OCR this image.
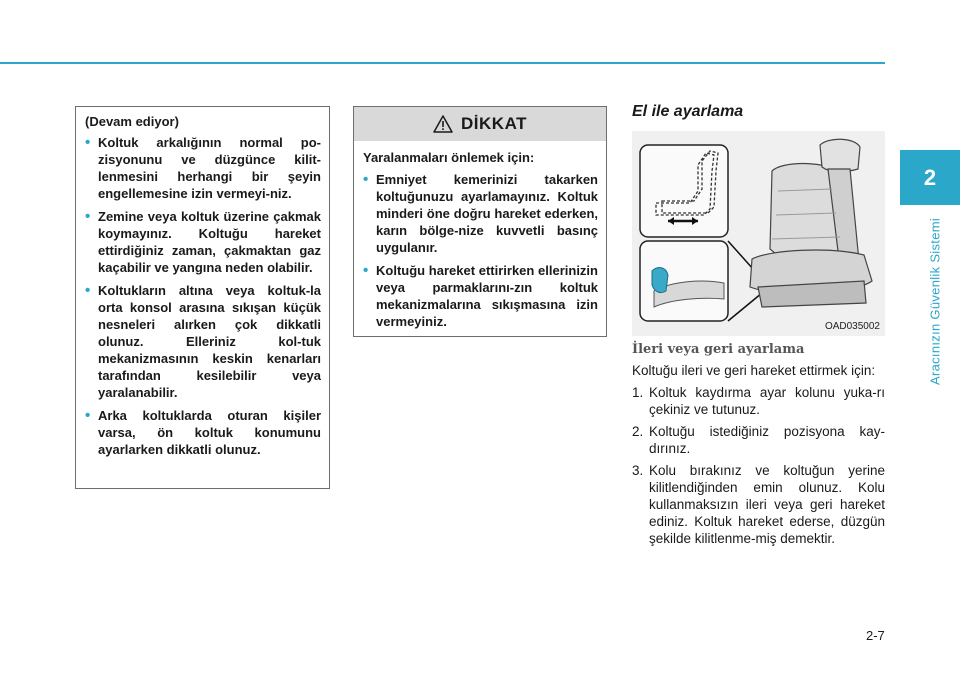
2
Aracınızın Güvenlik Sistemi
(Devam ediyor)
• Koltuk arkalığının normal po-zisyonunu ve düzgünce kilit-lenmesini herhangi bir şeyin engellemesine izin vermeyi-niz.
• Zemine veya koltuk üzerine çakmak koymayınız. Koltuğu hareket ettirdiğiniz zaman, çakmaktan gaz kaçabilir ve yangına neden olabilir.
• Koltukların altına veya koltuk-la orta konsol arasına sıkışan küçük nesneleri alırken çok dikkatli olunuz. Elleriniz kol-tuk mekanizmasının keskin kenarları tarafından kesilebilir veya yaralanabilir.
• Arka koltuklarda oturan kişiler varsa, ön koltuk konumunu ayarlarken dikkatli olunuz.
DİKKAT
Yaralanmaları önlemek için:
• Emniyet kemerinizi takarken koltuğunuzu ayarlamayınız. Koltuk minderi öne doğru hareket ederken, karın bölge-nize kuvvetli basınç uygulanır.
• Koltuğu hareket ettirirken ellerinizin veya parmaklarını-zın koltuk mekanizmalarına sıkışmasına izin vermeyiniz.
El ile ayarlama
OAD035002
İleri veya geri ayarlama

Koltuğu ileri ve geri hareket ettirmek için:

1. Koltuk kaydırma ayar kolunu yuka-rı çekiniz ve tutunuz.
2. Koltuğu istediğiniz pozisyona kay-dırınız.
3. Kolu bırakınız ve koltuğun yerine kilitlendiğinden emin olunuz. Kolu kullanmaksızın ileri veya geri hareket ediniz. Koltuk hareket ederse, düzgün şekilde kilitlenme-miş demektir.
2-7
